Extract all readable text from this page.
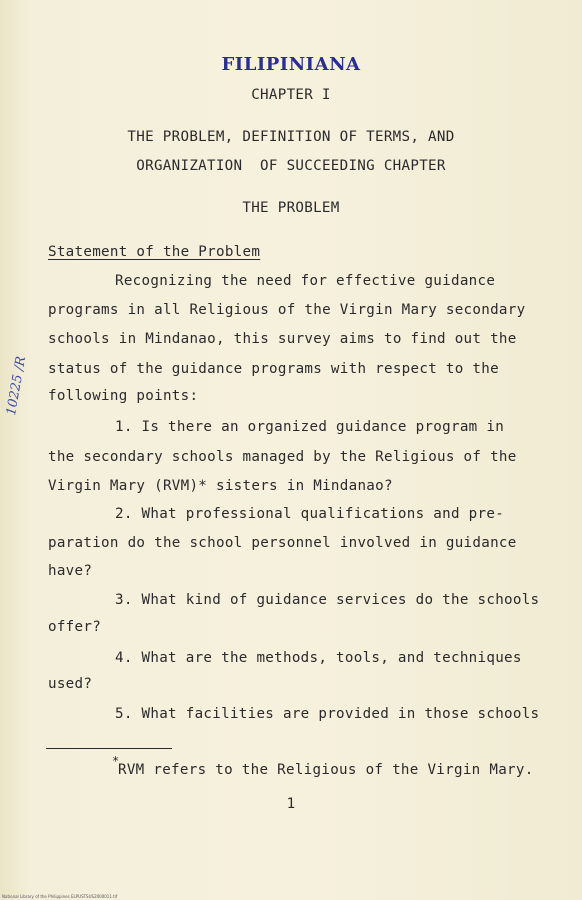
FILIPINIANA
CHAPTER I
THE PROBLEM, DEFINITION OF TERMS, AND
ORGANIZATION  OF SUCCEEDING CHAPTER
THE PROBLEM
Statement of the Problem
Recognizing the need for effective guidance
programs in all Religious of the Virgin Mary secondary
schools in Mindanao, this survey aims to find out the
status of the guidance programs with respect to the
following points:
1. Is there an organized guidance program in
the secondary schools managed by the Religious of the
Virgin Mary (RVM)* sisters in Mindanao?
2. What professional qualifications and pre-
paration do the school personnel involved in guidance
have?
3. What kind of guidance services do the schools
offer?
4. What are the methods, tools, and techniques
used?
5. What facilities are provided in those schools
*
RVM refers to the Religious of the Virgin Mary.
1
10225 /R
National Library of the Philippines ELPUSTSUS2000011.tif
